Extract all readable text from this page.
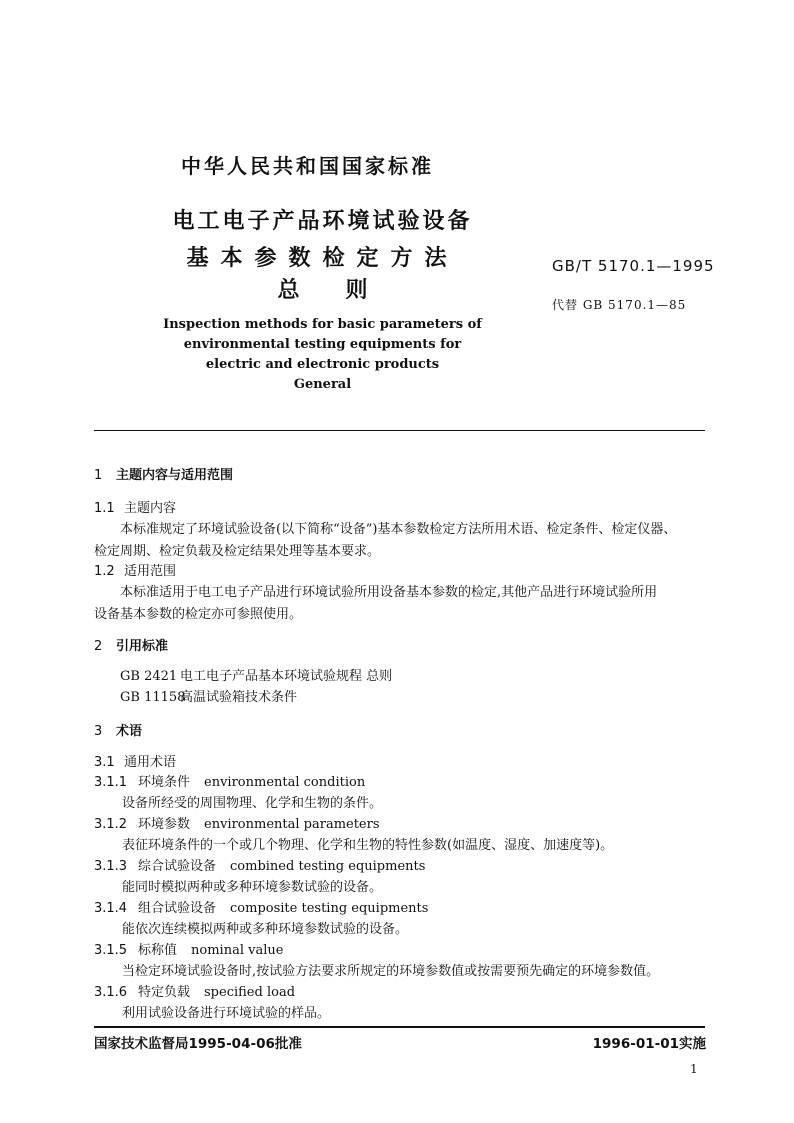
中华人民共和国国家标准
电工电子产品环境试验设备
基本参数检定方法
总 则
GB/T 5170.1—1995
代替 GB 5170.1—85
Inspection methods for basic parameters of
environmental testing equipments for
electric and electronic products
General
1 主题内容与适用范围
1.1 主题内容
本标准规定了环境试验设备(以下简称“设备”)基本参数检定方法所用术语、检定条件、检定仪器、
检定周期、检定负载及检定结果处理等基本要求。
1.2 适用范围
本标准适用于电工电子产品进行环境试验所用设备基本参数的检定,其他产品进行环境试验所用
设备基本参数的检定亦可参照使用。
2 引用标准
GB 2421 电工电子产品基本环境试验规程 总则
GB 11158高温试验箱技术条件
3 术语
3.1 通用术语
3.1.1 环境条件 environmental condition
设备所经受的周围物理、化学和生物的条件。
3.1.2 环境参数 environmental parameters
表征环境条件的一个或几个物理、化学和生物的特性参数(如温度、湿度、加速度等)。
3.1.3 综合试验设备 combined testing equipments
能同时模拟两种或多种环境参数试验的设备。
3.1.4 组合试验设备 composite testing equipments
能依次连续模拟两种或多种环境参数试验的设备。
3.1.5 标称值 nominal value
当检定环境试验设备时,按试验方法要求所规定的环境参数值或按需要预先确定的环境参数值。
3.1.6 特定负载 specified load
利用试验设备进行环境试验的样品。
国家技术监督局1995-04-06批准	1996-01-01实施
1
